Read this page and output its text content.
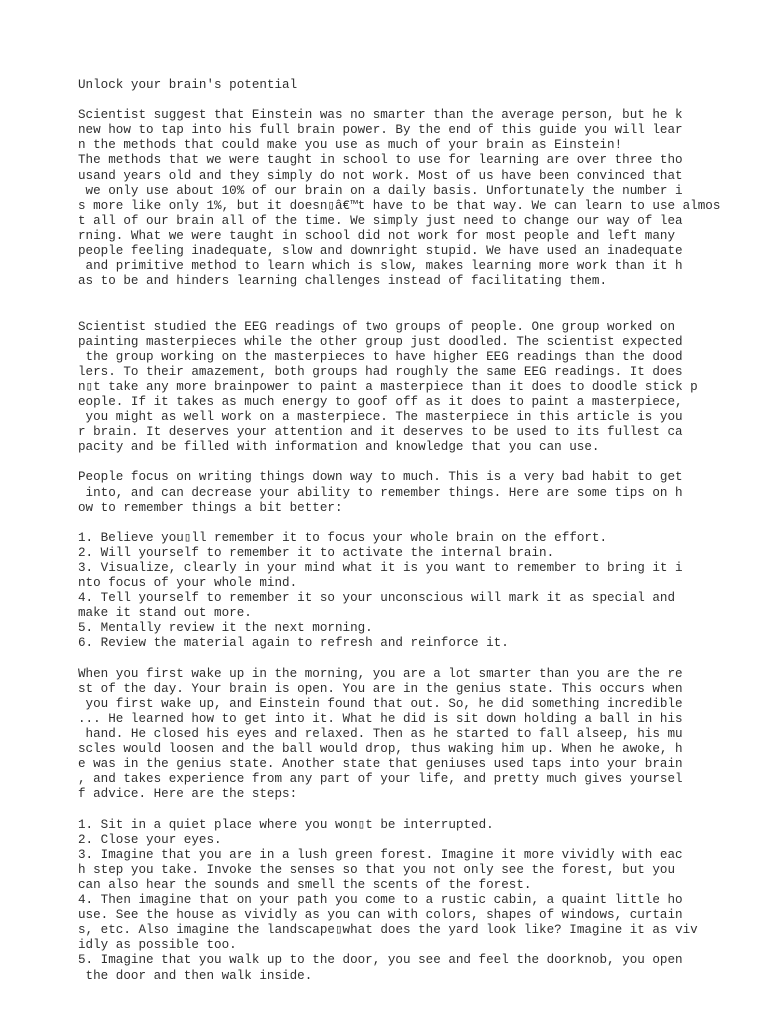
Unlock your brain's potential
Scientist suggest that Einstein was no smarter than the average person, but he k
new how to tap into his full brain power. By the end of this guide you will lear
n the methods that could make you use as much of your brain as Einstein!
The methods that we were taught in school to use for learning are over three tho
usand years old and they simply do not work. Most of us have been convinced that
we only use about 10% of our brain on a daily basis. Unfortunately the number i
s more like only 1%, but it doesn▯â€™t have to be that way. We can learn to use almos
t all of our brain all of the time. We simply just need to change our way of lea
rning. What we were taught in school did not work for most people and left many
people feeling inadequate, slow and downright stupid. We have used an inadequate
and primitive method to learn which is slow, makes learning more work than it h
as to be and hinders learning challenges instead of facilitating them.
Scientist studied the EEG readings of two groups of people. One group worked on
painting masterpieces while the other group just doodled. The scientist expected
the group working on the masterpieces to have higher EEG readings than the dood
lers. To their amazement, both groups had roughly the same EEG readings. It does
n▯t take any more brainpower to paint a masterpiece than it does to doodle stick p
eople. If it takes as much energy to goof off as it does to paint a masterpiece,
you might as well work on a masterpiece. The masterpiece in this article is you
r brain. It deserves your attention and it deserves to be used to its fullest ca
pacity and be filled with information and knowledge that you can use.
People focus on writing things down way to much. This is a very bad habit to get
into, and can decrease your ability to remember things. Here are some tips on h
ow to remember things a bit better:
1. Believe you▯ll remember it to focus your whole brain on the effort.
2. Will yourself to remember it to activate the internal brain.
3. Visualize, clearly in your mind what it is you want to remember to bring it i
nto focus of your whole mind.
4. Tell yourself to remember it so your unconscious will mark it as special and
make it stand out more.
5. Mentally review it the next morning.
6. Review the material again to refresh and reinforce it.
When you first wake up in the morning, you are a lot smarter than you are the re
st of the day. Your brain is open. You are in the genius state. This occurs when
you first wake up, and Einstein found that out. So, he did something incredible
... He learned how to get into it. What he did is sit down holding a ball in his
hand. He closed his eyes and relaxed. Then as he started to fall alseep, his mu
scles would loosen and the ball would drop, thus waking him up. When he awoke, h
e was in the genius state. Another state that geniuses used taps into your brain
, and takes experience from any part of your life, and pretty much gives yoursel
f advice. Here are the steps:
1. Sit in a quiet place where you won▯t be interrupted.
2. Close your eyes.
3. Imagine that you are in a lush green forest. Imagine it more vividly with eac
h step you take. Invoke the senses so that you not only see the forest, but you
can also hear the sounds and smell the scents of the forest.
4. Then imagine that on your path you come to a rustic cabin, a quaint little ho
use. See the house as vividly as you can with colors, shapes of windows, curtain
s, etc. Also imagine the landscape▯what does the yard look like? Imagine it as viv
idly as possible too.
5. Imagine that you walk up to the door, you see and feel the doorknob, you open
the door and then walk inside.
